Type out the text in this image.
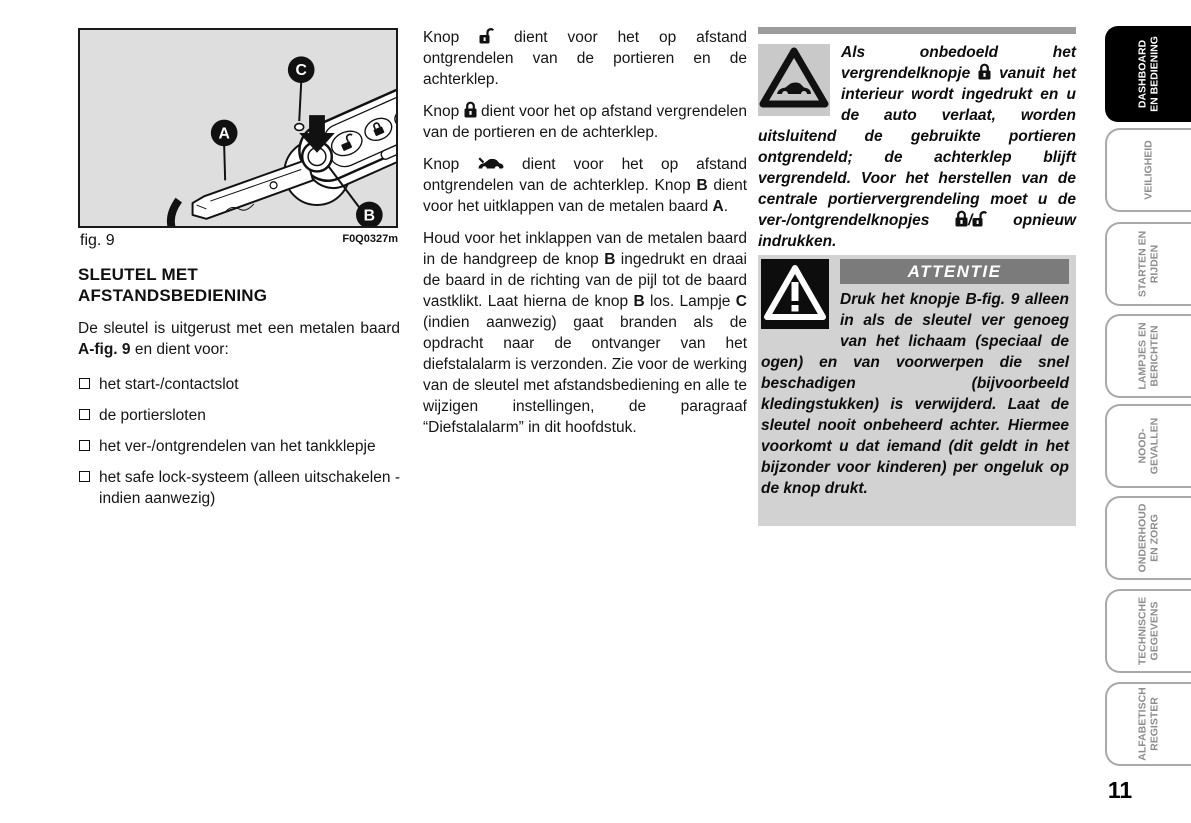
A
B
C
fig. 9	F0Q0327m
SLEUTEL MET
AFSTANDSBEDIENING

De sleutel is uitgerust met een metalen baard A-fig. 9 en dient voor:

het start-/contactslot
de portiersloten
het ver-/ontgrendelen van het tankklepje
het safe lock-systeem (alleen uitschakelen - indien aanwezig)

Knop  dient voor het op afstand ontgrendelen van de portieren en de achterklep.

Knop  dient voor het op afstand vergrendelen van de portieren en de achterklep.

Knop  dient voor het op afstand ontgrendelen van de achterklep. Knop B dient voor het uitklappen van de metalen baard A.

Houd voor het inklappen van de metalen baard in de handgreep de knop B ingedrukt en draai de baard in de richting van de pijl tot de baard vastklikt. Laat hierna de knop B los. Lampje C (indien aanwezig) gaat branden als de opdracht naar de ontvanger van het diefstalalarm is verzonden. Zie voor de werking van de sleutel met afstandsbediening en alle te wijzigen instellingen, de paragraaf “Diefstalalarm” in dit hoofdstuk.

Als onbedoeld het vergrendelknopje  vanuit het interieur wordt ingedrukt en u de auto verlaat, worden uitsluitend de gebruikte portieren ontgrendeld; de achterklep blijft vergrendeld. Voor het herstellen van de centrale portiervergrendeling moet u de ver-/ontgrendelknopjes / opnieuw indrukken.

ATTENTIE

Druk het knopje B-fig. 9 alleen in als de sleutel ver genoeg van het lichaam (speciaal de ogen) en van voorwerpen die snel beschadigen (bijvoorbeeld kledingstukken) is verwijderd. Laat de sleutel nooit onbeheerd achter. Hiermee voorkomt u dat iemand (dit geldt in het bijzonder voor kinderen) per ongeluk op de knop drukt.

DASHBOARD EN BEDIENING
VEILIGHEID
STARTEN EN RIJDEN
LAMPJES EN BERICHTEN
NOOD- GEVALLEN
ONDERHOUD EN ZORG
TECHNISCHE GEGEVENS
ALFABETISCH REGISTER
11
